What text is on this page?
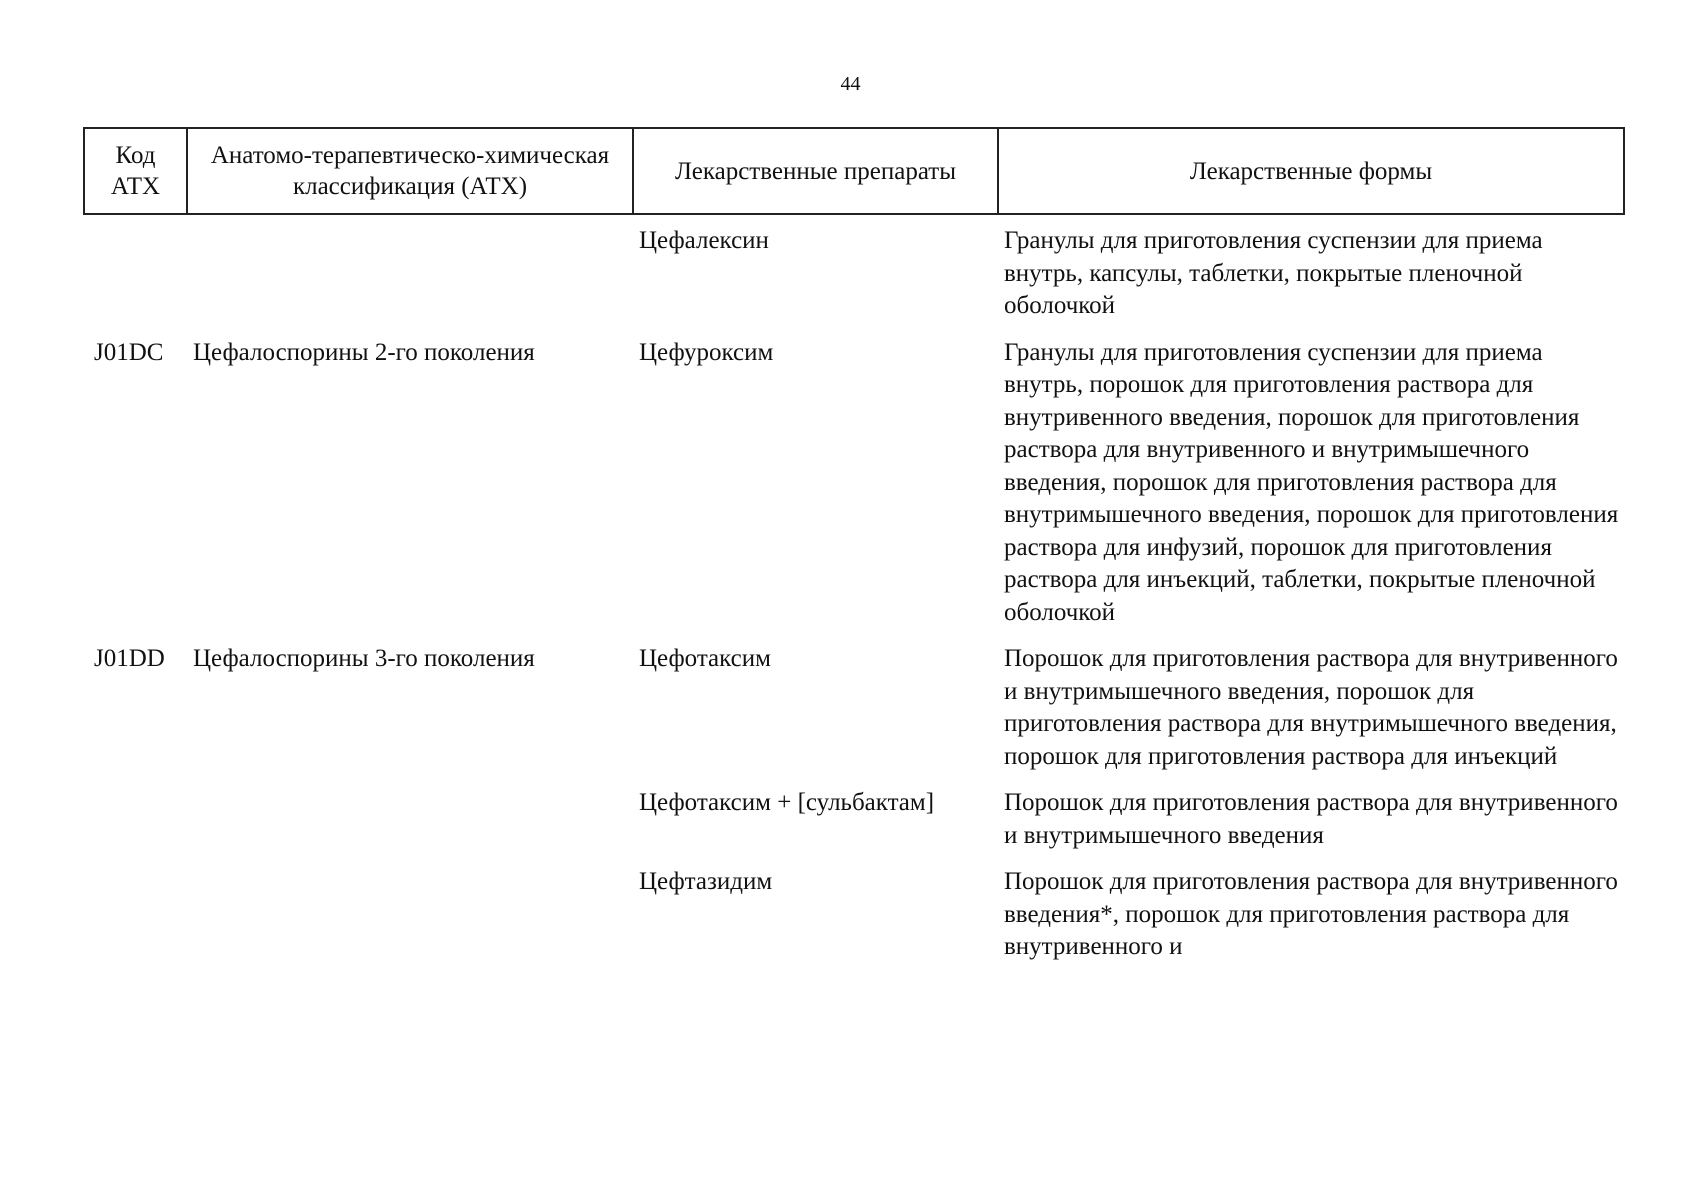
44
Код АТХ	Анатомо-терапевтическо-химическая классификация (АТХ)	Лекарственные препараты	Лекарственные формы
		Цефалексин	Гранулы для приготовления суспензии для приема внутрь, капсулы, таблетки, покрытые пленочной оболочкой
J01DC	Цефалоспорины 2-го поколения	Цефуроксим	Гранулы для приготовления суспензии для приема внутрь, порошок для приготовления раствора для внутривенного введения, порошок для приготовления раствора для внутривенного и внутримышечного введения, порошок для приготовления раствора для внутримышечного введения, порошок для приготовления раствора для инфузий, порошок для приготовления раствора для инъекций, таблетки, покрытые пленочной оболочкой
J01DD	Цефалоспорины 3-го поколения	Цефотаксим	Порошок для приготовления раствора для внутривенного и внутримышечного введения, порошок для приготовления раствора для внутримышечного введения, порошок для приготовления раствора для инъекций
		Цефотаксим + [сульбактам]	Порошок для приготовления раствора для внутривенного и внутримышечного введения
		Цефтазидим	Порошок для приготовления раствора для внутривенного введения*, порошок для приготовления раствора для внутривенного и
